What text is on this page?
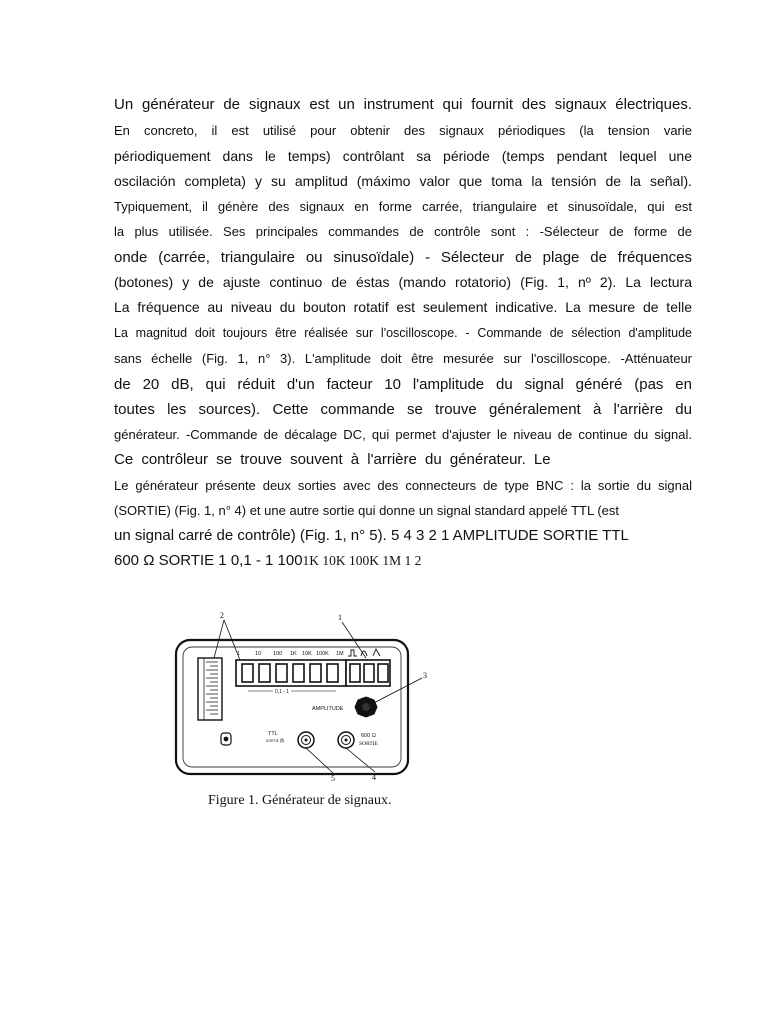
Un générateur de signaux est un instrument qui fournit des signaux électriques.
En concreto, il est utilisé pour obtenir des signaux périodiques (la tension varie
périodiquement dans le temps) contrôlant sa période (temps pendant lequel une
oscilación completa) y su amplitud (máximo valor que toma la tensión de la señal).
Typiquement, il génère des signaux en forme carrée, triangulaire et sinusoïdale, qui est
la plus utilisée. Ses principales commandes de contrôle sont : -Sélecteur de forme de
onde (carrée, triangulaire ou sinusoïdale) - Sélecteur de plage de fréquences
(botones) y de ajuste continuo de éstas (mando rotatorio) (Fig. 1, nº 2). La lectura
La fréquence au niveau du bouton rotatif est seulement indicative. La mesure de telle
La magnitud doit toujours être réalisée sur l'oscilloscope. - Commande de sélection d'amplitude
sans échelle (Fig. 1, n° 3). L'amplitude doit être mesurée sur l'oscilloscope. -Atténuateur
de 20 dB, qui réduit d'un facteur 10 l'amplitude du signal généré (pas en
toutes les sources). Cette commande se trouve généralement à l'arrière du
générateur. -Commande de décalage DC, qui permet d'ajuster le niveau de continue du signal.
Ce contrôleur se trouve souvent à l'arrière du générateur. Le
Le générateur présente deux sorties avec des connecteurs de type BNC : la sortie du signal
(SORTIE) (Fig. 1, n° 4) et une autre sortie qui donne un signal standard appelé TTL (est
un signal carré de contrôle) (Fig. 1, n° 5). 5 4 3 2 1 AMPLITUDE SORTIE TTL
600 Ω SORTIE 1 0,1 - 1 1001K 10K 100K 1M 1 2
1	10 100 1K 10K 100K 1M
0,1 - 1
AMPLITUDE
TTL
SORTIE
600 Ω
SORTIE
2	1
3
5	4
Figure 1. Générateur de signaux.
